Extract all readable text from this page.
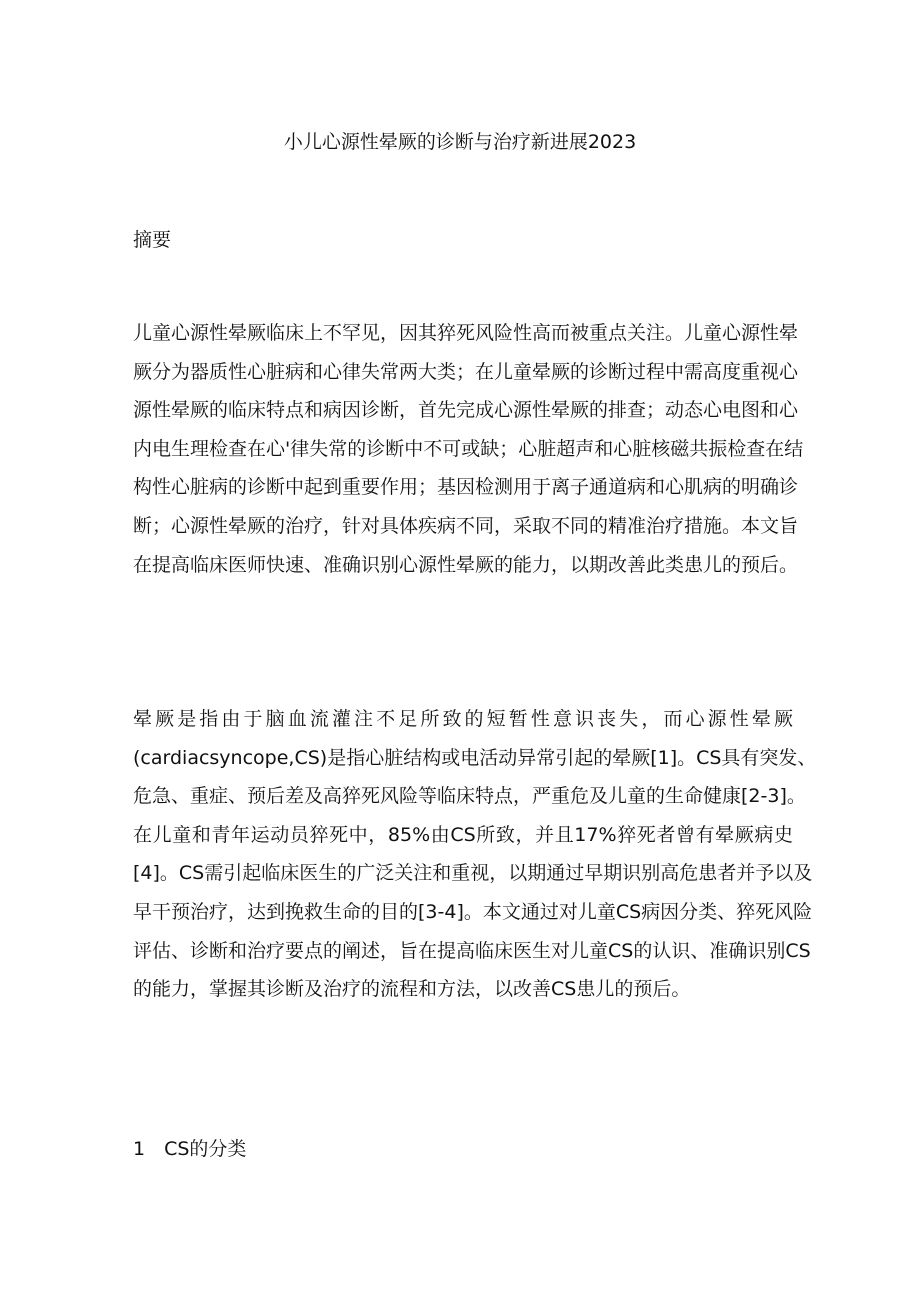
小儿心源性晕厥的诊断与治疗新进展2023
摘要
儿童心源性晕厥临床上不罕见，因其猝死风险性高而被重点关注。儿童心源性晕
厥分为器质性心脏病和心律失常两大类；在儿童晕厥的诊断过程中需高度重视心
源性晕厥的临床特点和病因诊断，首先完成心源性晕厥的排查；动态心电图和心
内电生理检查在心'律失常的诊断中不可或缺；心脏超声和心脏核磁共振检查在结
构性心脏病的诊断中起到重要作用；基因检测用于离子通道病和心肌病的明确诊
断；心源性晕厥的治疗，针对具体疾病不同，采取不同的精准治疗措施。本文旨
在提高临床医师快速、准确识别心源性晕厥的能力，以期改善此类患儿的预后。
晕厥是指由于脑血流灌注不足所致的短暂性意识丧失，而心源性晕厥
(cardiacsyncope,CS)是指心脏结构或电活动异常引起的晕厥[1]。CS具有突发、
危急、重症、预后差及高猝死风险等临床特点，严重危及儿童的生命健康[2-3]。
在儿童和青年运动员猝死中，85%由CS所致，并且17%猝死者曾有晕厥病史
[4]。CS需引起临床医生的广泛关注和重视，以期通过早期识别高危患者并予以及
早干预治疗，达到挽救生命的目的[3-4]。本文通过对儿童CS病因分类、猝死风险
评估、诊断和治疗要点的阐述，旨在提高临床医生对儿童CS的认识、准确识别CS
的能力，掌握其诊断及治疗的流程和方法，以改善CS患儿的预后。
1　CS的分类
